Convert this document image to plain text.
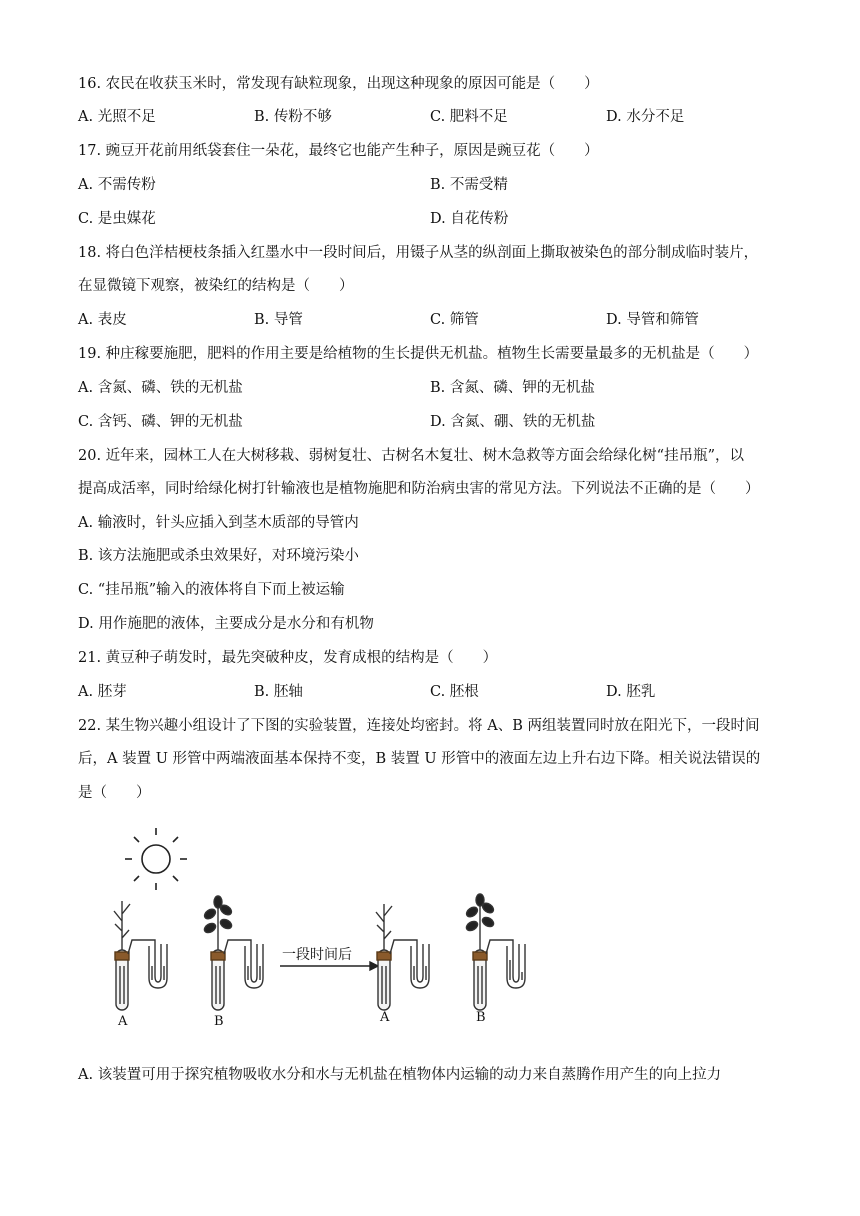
16. 农民在收获玉米时，常发现有缺粒现象，出现这种现象的原因可能是（　　）
A. 光照不足	B. 传粉不够	C. 肥料不足	D. 水分不足
17. 豌豆开花前用纸袋套住一朵花，最终它也能产生种子，原因是豌豆花（　　）
A. 不需传粉	B. 不需受精
C. 是虫媒花	D. 自花传粉
18. 将白色洋桔梗枝条插入红墨水中一段时间后，用镊子从茎的纵剖面上撕取被染色的部分制成临时装片，
在显微镜下观察，被染红的结构是（　　）
A. 表皮	B. 导管	C. 筛管	D. 导管和筛管
19. 种庄稼要施肥，肥料的作用主要是给植物的生长提供无机盐。植物生长需要量最多的无机盐是（　　）
A. 含氮、磷、铁的无机盐	B. 含氮、磷、钾的无机盐
C. 含钙、磷、钾的无机盐	D. 含氮、硼、铁的无机盐
20. 近年来，园林工人在大树移栽、弱树复壮、古树名木复壮、树木急救等方面会给绿化树“挂吊瓶”，以
提高成活率，同时给绿化树打针输液也是植物施肥和防治病虫害的常见方法。下列说法不正确的是（　　）
A. 输液时，针头应插入到茎木质部的导管内
B. 该方法施肥或杀虫效果好，对环境污染小
C. “挂吊瓶”输入的液体将自下而上被运输
D. 用作施肥的液体，主要成分是水分和有机物
21. 黄豆种子萌发时，最先突破种皮，发育成根的结构是（　　）
A. 胚芽	B. 胚轴	C. 胚根	D. 胚乳
22. 某生物兴趣小组设计了下图的实验装置，连接处均密封。将 A、B 两组装置同时放在阳光下，一段时间
后，A 装置 U 形管中两端液面基本保持不变，B 装置 U 形管中的液面左边上升右边下降。相关说法错误的
是（　　）
一段时间后
A	B	A	B
A. 该装置可用于探究植物吸收水分和水与无机盐在植物体内运输的动力来自蒸腾作用产生的向上拉力
